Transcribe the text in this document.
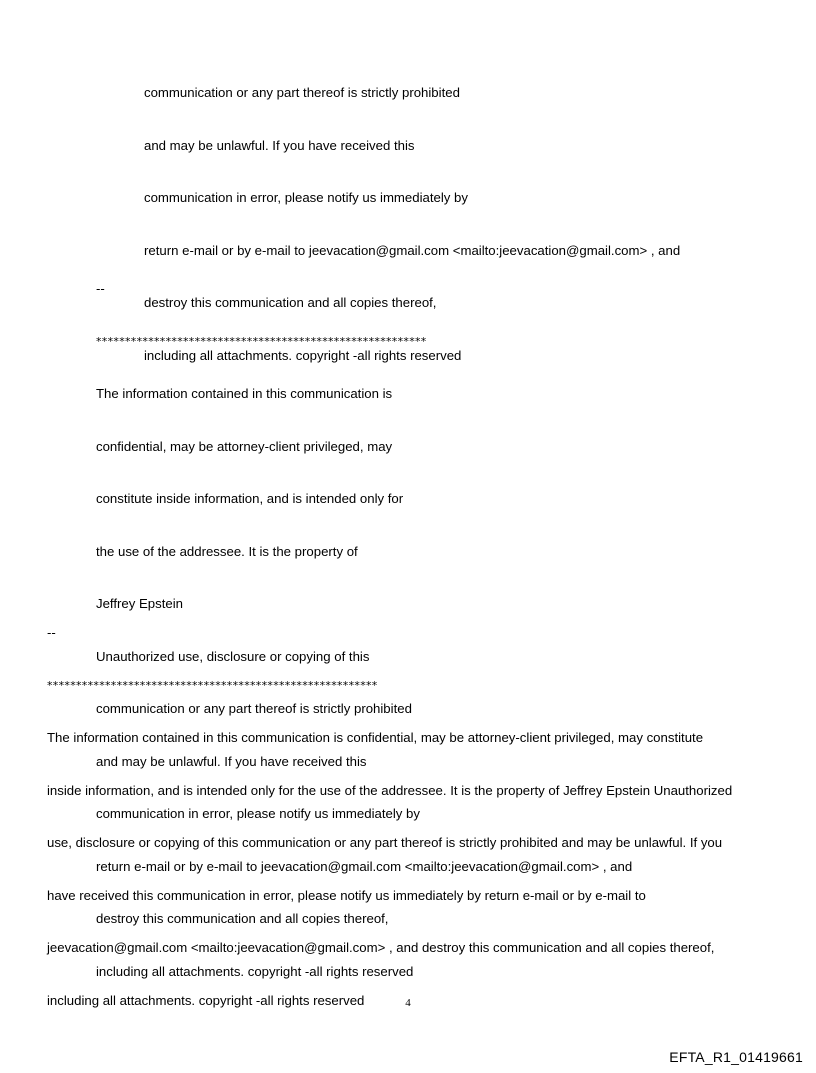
communication or any part thereof is strictly prohibited

and may be unlawful. If you have received this

communication in error, please notify us immediately by

return e-mail or by e-mail to jeevacation@gmail.com <mailto:jeevacation@gmail.com> , and

destroy this communication and all copies thereof,

including all attachments. copyright -all rights reserved

--

*********************************************************

The information contained in this communication is

confidential, may be attorney-client privileged, may

constitute inside information, and is intended only for

the use of the addressee. It is the property of

Jeffrey Epstein

Unauthorized use, disclosure or copying of this

communication or any part thereof is strictly prohibited

and may be unlawful. If you have received this

communication in error, please notify us immediately by

return e-mail or by e-mail to jeevacation@gmail.com <mailto:jeevacation@gmail.com> , and

destroy this communication and all copies thereof,

including all attachments. copyright -all rights reserved

--

*********************************************************

The information contained in this communication is confidential, may be attorney-client privileged, may constitute

inside information, and is intended only for the use of the addressee. It is the property of Jeffrey Epstein Unauthorized

use, disclosure or copying of this communication or any part thereof is strictly prohibited and may be unlawful. If you

have received this communication in error, please notify us immediately by return e-mail or by e-mail to

jeevacation@gmail.com <mailto:jeevacation@gmail.com> , and destroy this communication and all copies thereof,

including all attachments. copyright -all rights reserved	4
EFTA_R1_01419661
